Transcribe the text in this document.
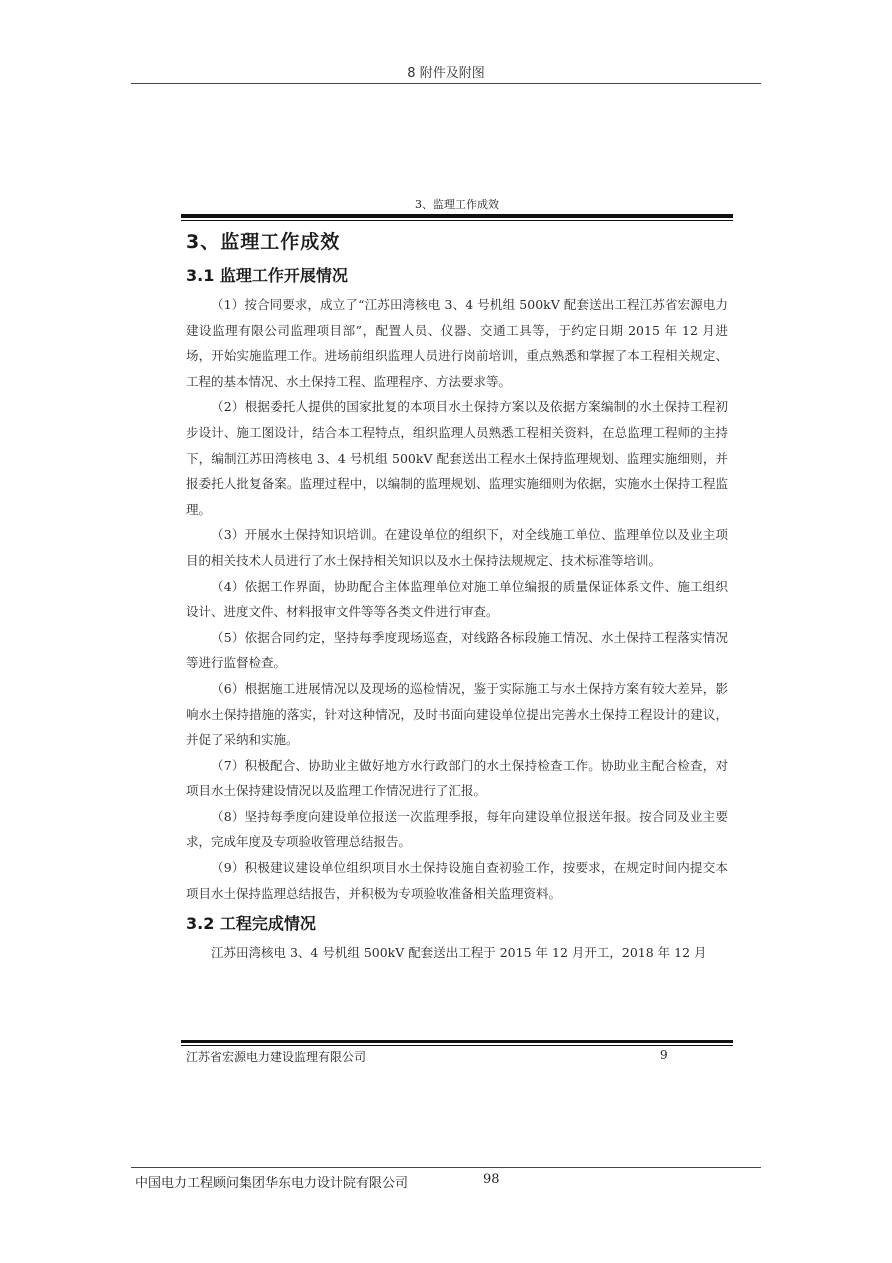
8 附件及附图
3、监理工作成效
3、监理工作成效
3.1 监理工作开展情况

（1）按合同要求，成立了“江苏田湾核电 3、4 号机组 500kV 配套送出工程江苏省宏源电力建设监理有限公司监理项目部”，配置人员、仪器、交通工具等，于约定日期 2015 年 12 月进场，开始实施监理工作。进场前组织监理人员进行岗前培训，重点熟悉和掌握了本工程相关规定、工程的基本情况、水土保持工程、监理程序、方法要求等。

（2）根据委托人提供的国家批复的本项目水土保持方案以及依据方案编制的水土保持工程初步设计、施工图设计，结合本工程特点，组织监理人员熟悉工程相关资料，在总监理工程师的主持下，编制江苏田湾核电 3、4 号机组 500kV 配套送出工程水土保持监理规划、监理实施细则，并报委托人批复备案。监理过程中，以编制的监理规划、监理实施细则为依据，实施水土保持工程监理。

（3）开展水土保持知识培训。在建设单位的组织下，对全线施工单位、监理单位以及业主项目的相关技术人员进行了水土保持相关知识以及水土保持法规规定、技术标准等培训。

（4）依据工作界面，协助配合主体监理单位对施工单位编报的质量保证体系文件、施工组织设计、进度文件、材料报审文件等等各类文件进行审查。

（5）依据合同约定，坚持每季度现场巡查，对线路各标段施工情况、水土保持工程落实情况等进行监督检查。

（6）根据施工进展情况以及现场的巡检情况，鉴于实际施工与水土保持方案有较大差异，影响水土保持措施的落实，针对这种情况，及时书面向建设单位提出完善水土保持工程设计的建议，并促了采纳和实施。

（7）积极配合、协助业主做好地方水行政部门的水土保持检查工作。协助业主配合检查，对项目水土保持建设情况以及监理工作情况进行了汇报。

（8）坚持每季度向建设单位报送一次监理季报，每年向建设单位报送年报。按合同及业主要求，完成年度及专项验收管理总结报告。

（9）积极建议建设单位组织项目水土保持设施自查初验工作，按要求，在规定时间内提交本项目水土保持监理总结报告，并积极为专项验收准备相关监理资料。

3.2 工程完成情况

江苏田湾核电 3、4 号机组 500kV 配套送出工程于 2015 年 12 月开工，2018 年 12 月

江苏省宏源电力建设监理有限公司	9
中国电力工程顾问集团华东电力设计院有限公司	98
